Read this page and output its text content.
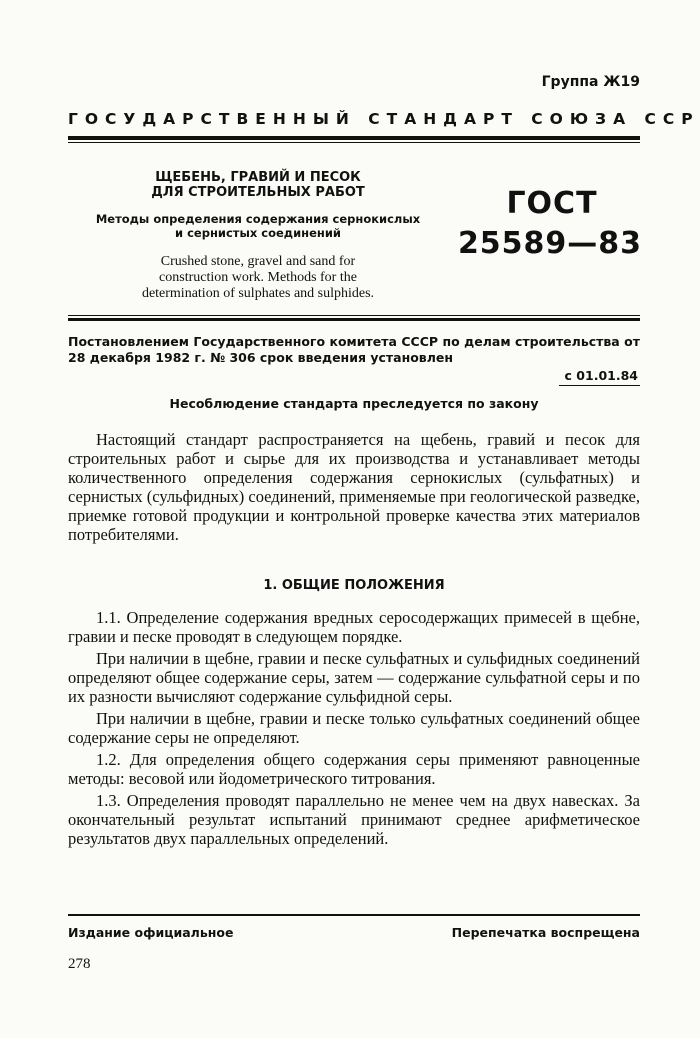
Группа Ж19
ГОСУДАРСТВЕННЫЙ СТАНДАРТ СОЮЗА ССР

ЩЕБЕНЬ, ГРАВИЙ И ПЕСОК
ДЛЯ СТРОИТЕЛЬНЫХ РАБОТ

Методы определения содержания сернокислых
и сернистых соединений

Crushed stone, gravel and sand for
construction work. Methods for the
determination of sulphates and sulphides.

ГОСТ
25589—83
Постановлением Государственного комитета СССР по делам строительства от 28 декабря 1982 г. № 306 срок введения установлен
с 01.01.84
Несоблюдение стандарта преследуется по закону

Настоящий стандарт распространяется на щебень, гравий и песок для строительных работ и сырье для их производства и устанавливает методы количественного определения содержания сернокислых (сульфатных) и сернистых (сульфидных) соединений, применяемые при геологической разведке, приемке готовой продукции и контрольной проверке качества этих материалов потребителями.

1. ОБЩИЕ ПОЛОЖЕНИЯ

1.1. Определение содержания вредных серосодержащих примесей в щебне, гравии и песке проводят в следующем порядке.

При наличии в щебне, гравии и песке сульфатных и сульфидных соединений определяют общее содержание серы, затем — содержание сульфатной серы и по их разности вычисляют содержание сульфидной серы.

При наличии в щебне, гравии и песке только сульфатных соединений общее содержание серы не определяют.

1.2. Для определения общего содержания серы применяют равноценные методы: весовой или йодометрического титрования.

1.3. Определения проводят параллельно не менее чем на двух навесках. За окончательный результат испытаний принимают среднее арифметическое результатов двух параллельных определений.

Издание официальное	Перепечатка воспрещена
278
